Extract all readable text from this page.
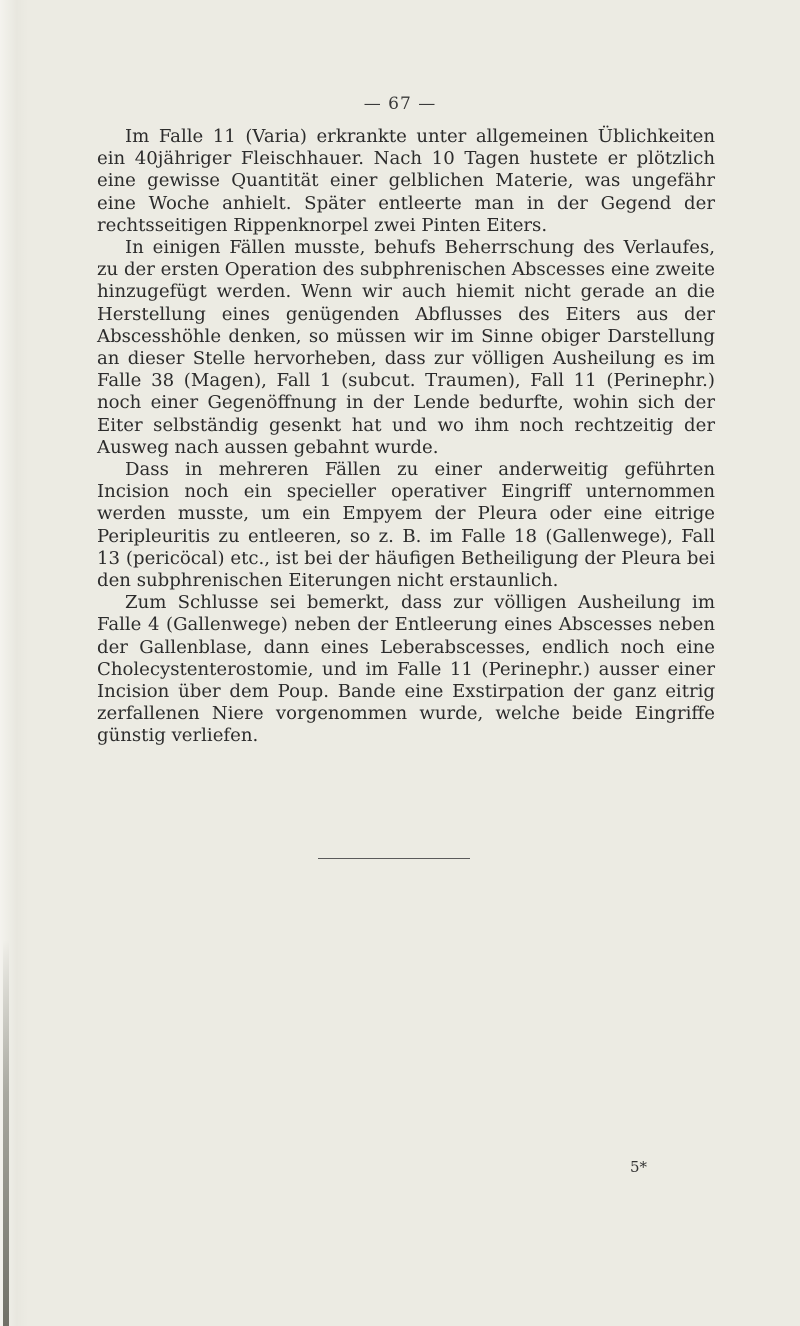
— 67 —

Im Falle 11 (Varia) erkrankte unter allgemeinen Üblichkeiten ein 40jähriger Fleischhauer. Nach 10 Tagen hustete er plötzlich eine gewisse Quantität einer gelblichen Materie, was ungefähr eine Woche anhielt. Später entleerte man in der Gegend der rechtsseitigen Rippenknorpel zwei Pinten Eiters.

In einigen Fällen musste, behufs Beherrschung des Verlaufes, zu der ersten Operation des subphrenischen Abscesses eine zweite hinzugefügt werden. Wenn wir auch hiemit nicht gerade an die Herstellung eines genügenden Abflusses des Eiters aus der Abscesshöhle denken, so müssen wir im Sinne obiger Darstellung an dieser Stelle hervorheben, dass zur völligen Ausheilung es im Falle 38 (Magen), Fall 1 (subcut. Traumen), Fall 11 (Perinephr.) noch einer Gegenöffnung in der Lende bedurfte, wohin sich der Eiter selbständig gesenkt hat und wo ihm noch rechtzeitig der Ausweg nach aussen gebahnt wurde.

Dass in mehreren Fällen zu einer anderweitig geführten Incision noch ein specieller operativer Eingriff unternommen werden musste, um ein Empyem der Pleura oder eine eitrige Peripleuritis zu entleeren, so z. B. im Falle 18 (Gallenwege), Fall 13 (pericöcal) etc., ist bei der häufigen Betheiligung der Pleura bei den subphrenischen Eiterungen nicht erstaunlich.

Zum Schlusse sei bemerkt, dass zur völligen Ausheilung im Falle 4 (Gallenwege) neben der Entleerung eines Abscesses neben der Gallenblase, dann eines Leberabscesses, endlich noch eine Cholecystenterostomie, und im Falle 11 (Perinephr.) ausser einer Incision über dem Poup. Bande eine Exstirpation der ganz eitrig zerfallenen Niere vorgenommen wurde, welche beide Eingriffe günstig verliefen.

5*
